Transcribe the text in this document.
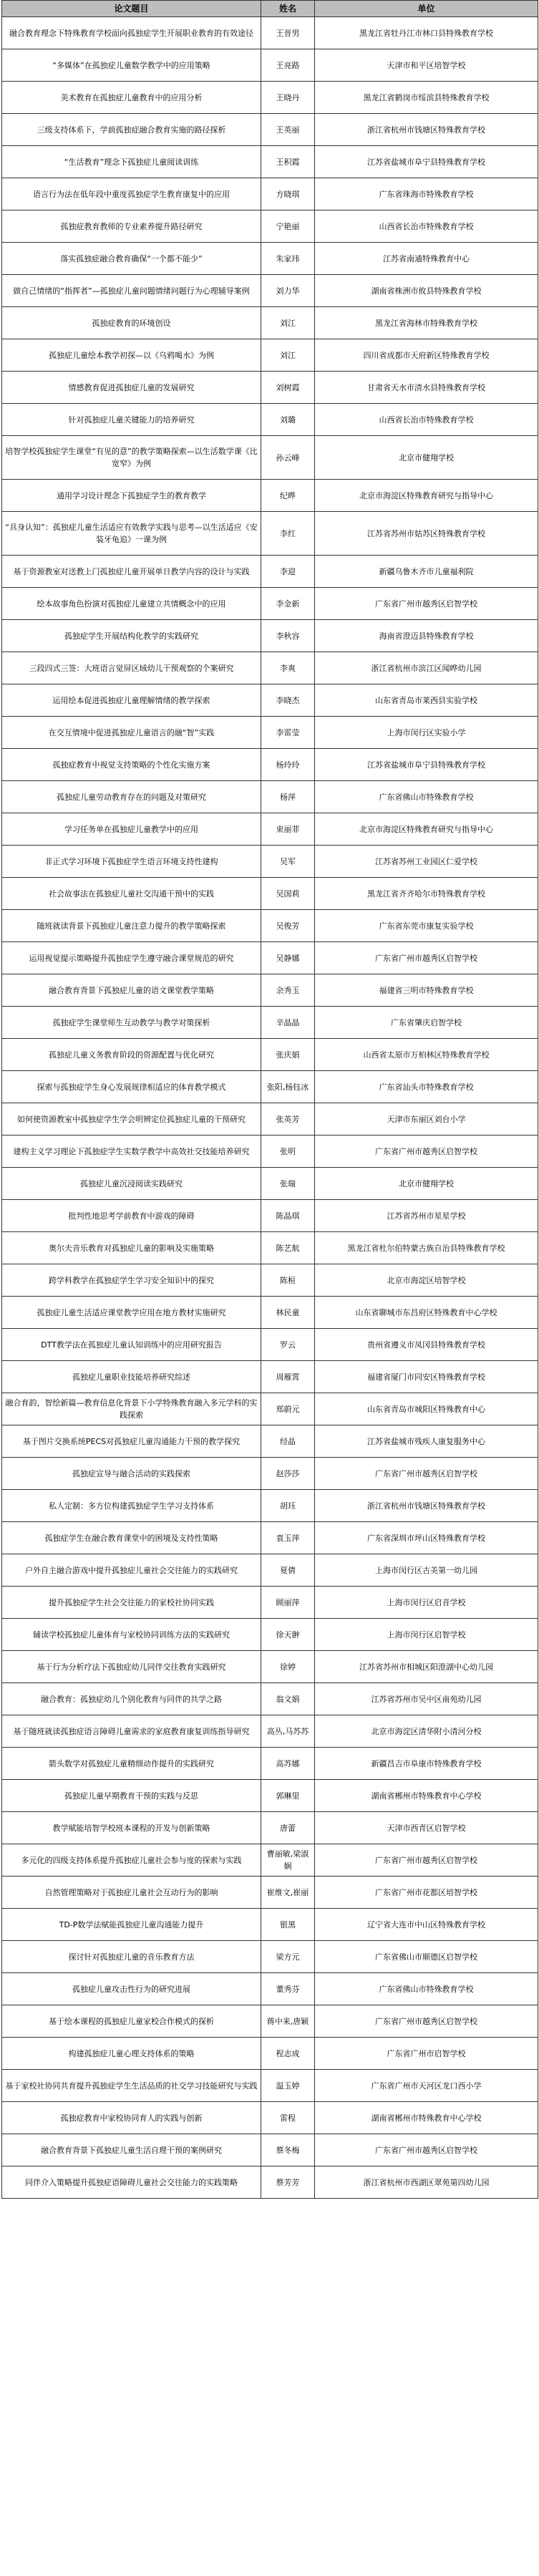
论文题目	姓名	单位
融合教育理念下特殊教育学校面向孤独症学生开展职业教育的有效途径	王晋男	黑龙江省牡丹江市林口县特殊教育学校
“多媒体”在孤独症儿童数学教学中的应用策略	王亮路	天津市和平区培智学校
美术教育在孤独症儿童教育中的应用分析	王晓丹	黑龙江省鹤岗市绥滨县特殊教育学校
三级支持体系下，学前孤独症融合教育实施的路径探析	王英丽	浙江省杭州市钱塘区特殊教育学校
“生活教育”理念下孤独症儿童阅读训练	王积霞	江苏省盐城市阜宁县特殊教育学校
语言行为法在低年段中重度孤独症学生教育康复中的应用	方晓琪	广东省珠海市特殊教育学校
孤独症教育教师的专业素养提升路径研究	宁艳丽	山西省长治市特殊教育学校
落实孤独症融合教育确保“一个都不能少”	朱家玮	江苏省南通特殊教育中心
做自己情绪的“指挥者”—孤独症儿童问题情绪问题行为心理辅导案例	刘力华	湖南省株洲市攸县特殊教育学校
孤独症教育的环境创设	刘江	黑龙江省海林市特殊教育学校
孤独症儿童绘本教学初探—以《乌鸦喝水》为例	刘江	四川省成都市天府新区特殊教育学校
情感教育促进孤独症儿童的发展研究	刘树霞	甘肃省天水市清水县特殊教育学校
针对孤独症儿童关键能力的培养研究	刘璐	山西省长治市特殊教育学校
培智学校孤独症学生课堂“有见的意”的教学策略探索—以生活数学课《比宽窄》为例	孙云峰	北京市健翔学校
通用学习设计理念下孤独症学生的教育教学	纪晔	北京市海淀区特殊教育研究与指导中心
“具身认知”：孤独症儿童生活适应有效教学实践与思考—以生活适应《安装牙龟追》一课为例	李红	江苏省苏州市姑苏区特殊教育学校
基于资源教室对送教上门孤独症儿童开展单日教学内容的设计与实践	李迎	新疆乌鲁木齐市儿童福利院
绘本故事角色扮演对孤独症儿童建立共情概念中的应用	李金新	广东省广州市越秀区启智学校
孤独症学生开展结构化教学的实践研究	李秋容	海南省澄迈县特殊教育学校
三段四式三签：大班语言觉屏区域幼儿干预观察的个案研究	李爽	浙江省杭州市滨江区闻晔幼儿园
运用绘本促进孤独症儿童理解情绪的教学探索	李晓杰	山东省青岛市莱西县实验学校
在交互情境中促进孤独症儿童语言的融“智”实践	李雷莹	上海市闵行区实验小学
孤独症教育中视觉支持策略的个性化实施方案	杨玲玲	江苏省盐城市阜宁县特殊教育学校
孤独症儿童劳动教育存在的问题及对策研究	杨萍	广东省佛山市特殊教育学校
学习任务单在孤独症儿童教学中的应用	束丽菲	北京市海淀区特殊教育研究与指导中心
非正式学习环境下孤独症学生语言环境支持性建构	吴军	江苏省苏州工业园区仁爱学校
社会故事法在孤独症儿童社交沟通干预中的实践	吴国莉	黑龙江省齐齐哈尔市特殊教育学校
随班就读背景下孤独症儿童注意力提升的教学策略探索	吴俊芳	广东省东莞市康复实验学校
运用视觉提示策略提升孤独症学生遵守融合课堂规范的研究	吴静娜	广东省广州市越秀区启智学校
融合教育背景下孤独症儿童的语文课堂教学策略	余秀玉	福建省三明市特殊教育学校
孤独症学生课堂师生互动教学与教学对策探析	辛晶晶	广东省肇庆启智学校
孤独症儿童义务教育阶段的资源配置与优化研究	张庆娟	山西省太原市万柏林区特殊教育学校
探索与孤独症学生身心发展规律相适应的体育教学模式	张阳,杨钰冰	广东省汕头市特殊教育学校
如何使资源教室中孤独症学生学会明辨定位孤独症儿童的干预研究	张英芳	天津市东丽区刘台小学
建构主义学习理论下孤独症学生实数学教学中高效社交技能培养研究	张明	广东省广州市越秀区启智学校
孤独症儿童沉浸阅读实践研究	张瑞	北京市健翔学校
批判性地思考学前教育中游戏的障碍	陈晶琪	江苏省苏州市星星学校
奥尔夫音乐教育对孤独症儿童的影响及实施策略	陈艺航	黑龙江省杜尔伯特蒙古族自治县特殊教育学校
跨学科教学在孤独症学生学习安全知识中的探究	陈桓	北京市海淀区培智学校
孤独症儿童生活适应课堂教学应用在地方教材实施研究	林民童	山东省聊城市东昌府区特殊教育中心学校
DTT教学法在孤独症儿童认知训练中的应用研究报告	罗云	贵州省遵义市凤冈县特殊教育学校
孤独症儿童职业技能培养研究综述	周雁霄	福建省厦门市同安区特殊教育学校
融合育韵，智绘新篇—教育信息化背景下小学特殊教育融入多元学科的实践探索	郑蔚元	山东省青岛市城阳区特殊教育中心
基于图片交换系统PECS对孤独症儿童沟通能力干预的教学探究	经晶	江苏省盐城市残疾人康复服务中心
孤独症宣导与融合活动的实践探索	赵莎莎	广东省广州市越秀区启智学校
私人定制：多方位构建孤独症学生学习支持体系	胡珏	浙江省杭州市钱塘区特殊教育学校
孤独症学生在融合教育课堂中的困境及支持性策略	袁玉萍	广东省深圳市坪山区特殊教育学校
户外自主融合游戏中提升孤独症儿童社会交往能力的实践研究	夏倩	上海市闵行区古美第一幼儿园
提升孤独症学生社会交往能力的家校社协同实践	顾丽萍	上海市闵行区启音学校
辅读学校孤独症儿童体育与家校协同训练方法的实践研究	徐天翀	上海市闵行区启智学校
基于行为分析疗法下孤独症幼儿同伴交往教育实践研究	徐婷	江苏省苏州市相城区阳澄湖中心幼儿园
融合教育：孤独症幼儿个别化教育与同伴的共学之路	翁文娟	江苏省苏州市吴中区南苑幼儿园
基于随班就读孤独症语言障碍儿童需求的家庭教育康复训练指导研究	高丛,马苏苏	北京市海淀区清华附小清河分校
箭头数学对孤独症儿童精细动作提升的实践研究	高苏娜	新疆昌吉市阜康市特殊教育学校
孤独症儿童早期教育干预的实践与反思	郭琳里	湖南省郴州市特殊教育中心学校
教学赋能培智学校班本课程的开发与创新策略	唐蕾	天津市西青区启智学校
多元化的四级支持体系提升孤独症儿童社会参与度的探索与实践	曹丽敏,梁淑娴	广东省广州市越秀区启智学校
自然管理策略对于孤独症儿童社会互动行为的影响	崔维文,崔丽	广东省广州市花都区培智学校
TD-P数学法赋能孤独症儿童沟通能力提升	银黑	辽宁省大连市中山区特殊教育学校
探讨针对孤独症儿童的音乐教育方法	梁方元	广东省佛山市顺德区启智学校
孤独症儿童攻击性行为的研究进展	董秀芬	广东省佛山市特殊教育学校
基于绘本课程的孤独症儿童家校合作模式的探析	蒋中来,唐颖	广东省广州市越秀区启智学校
构建孤独症儿童心理支持体系的策略	程志成	广东省广州市启智学校
基于家校社协同共育提升孤独症学生生活品质的社交学习技能研究与实践	温玉婷	广东省广州市天河区龙口西小学
孤独症教育中家校协同育人的实践与创新	雷程	湖南省郴州市特殊教育中心学校
融合教育背景下孤独症儿童生活自理干预的案例研究	蔡冬梅	广东省广州市越秀区启智学校
同伴介入策略提升孤独症语障碍儿童社会交往能力的实践策略	蔡芳芳	浙江省杭州市西湖区翠苑第四幼儿园
